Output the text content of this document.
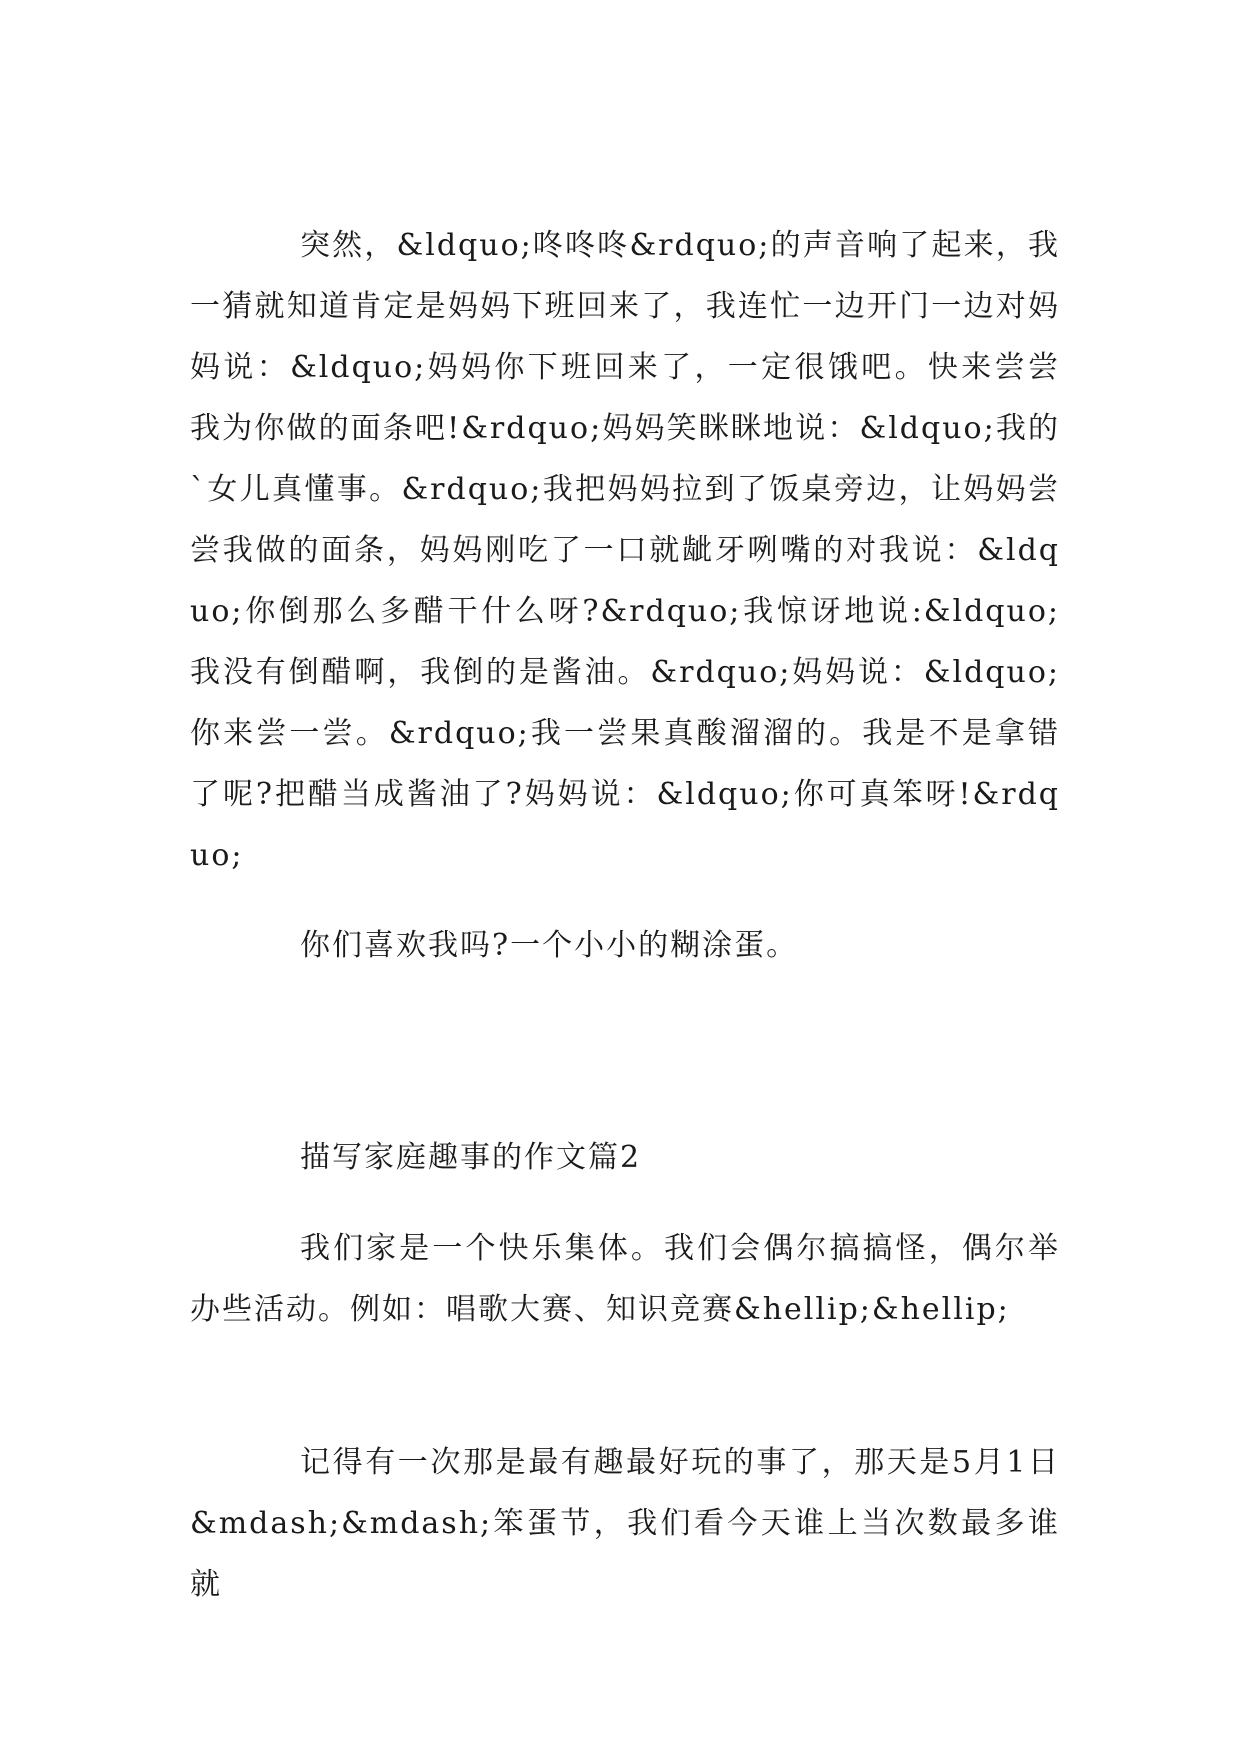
突然，&ldquo;咚咚咚&rdquo;的声音响了起来，我一猜就知道肯定是妈妈下班回来了，我连忙一边开门一边对妈妈说：&ldquo;妈妈你下班回来了，一定很饿吧。快来尝尝我为你做的面条吧!&rdquo;妈妈笑眯眯地说：&ldquo;我的`女儿真懂事。&rdquo;我把妈妈拉到了饭桌旁边，让妈妈尝尝我做的面条，妈妈刚吃了一口就龇牙咧嘴的对我说：&ldquo;你倒那么多醋干什么呀?&rdquo;我惊讶地说:&ldquo;我没有倒醋啊，我倒的是酱油。&rdquo;妈妈说：&ldquo;你来尝一尝。&rdquo;我一尝果真酸溜溜的。我是不是拿错了呢?把醋当成酱油了?妈妈说：&ldquo;你可真笨呀!&rdquo;

你们喜欢我吗?一个小小的糊涂蛋。

描写家庭趣事的作文篇2

我们家是一个快乐集体。我们会偶尔搞搞怪，偶尔举办些活动。例如：唱歌大赛、知识竞赛&hellip;&hellip;

记得有一次那是最有趣最好玩的事了，那天是5月1日&mdash;&mdash;笨蛋节，我们看今天谁上当次数最多谁就
